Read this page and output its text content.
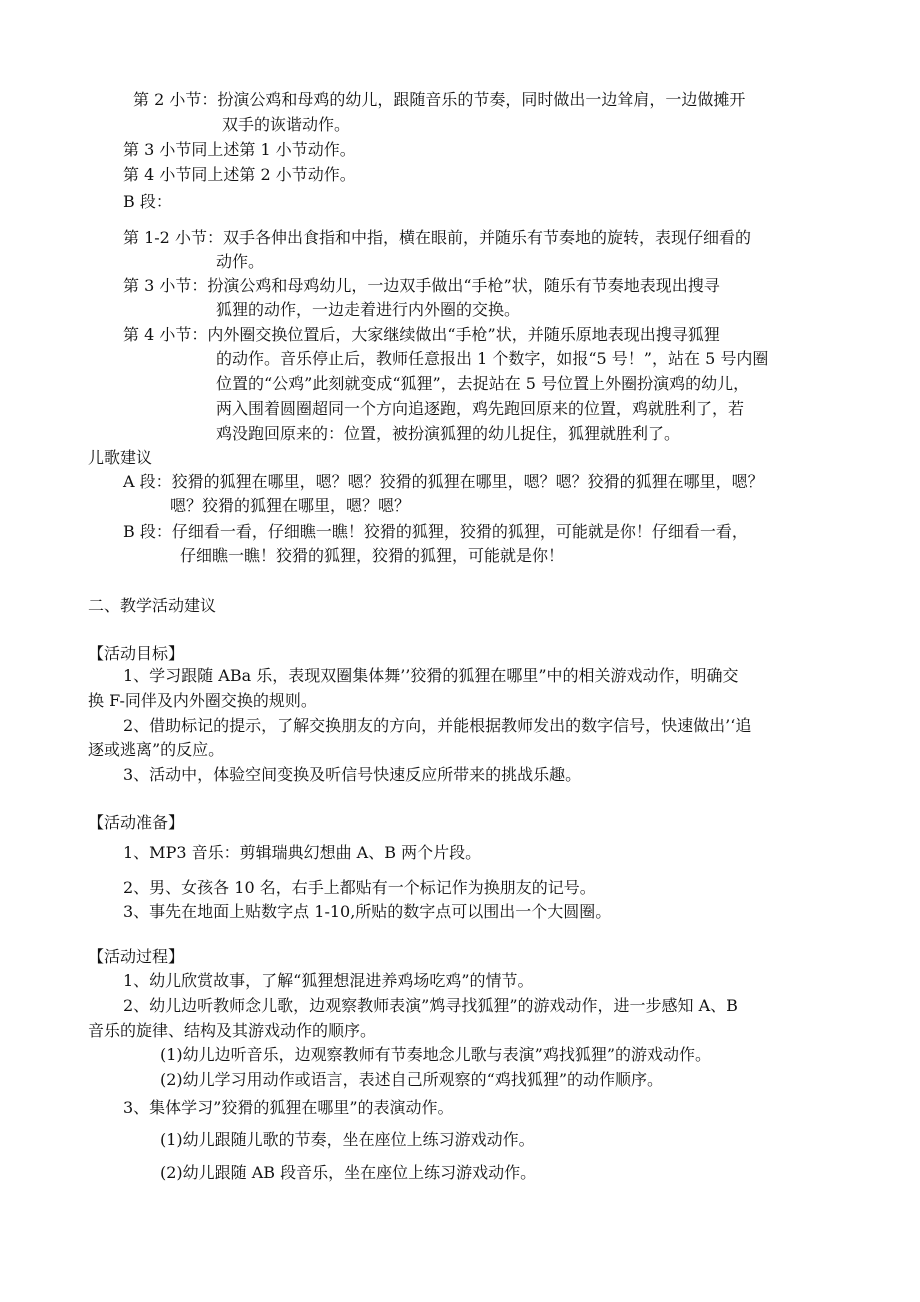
第 2 小节：扮演公鸡和母鸡的幼儿，跟随音乐的节奏，同时做出一边耸肩，一边做摊开
双手的诙谐动作。
第 3 小节同上述第 1 小节动作。
第 4 小节同上述第 2 小节动作。
B 段：
第 1-2 小节：双手各伸出食指和中指，横在眼前，并随乐有节奏地的旋转，表现仔细看的
动作。
第 3 小节：扮演公鸡和母鸡幼儿，一边双手做出“手枪”状，随乐有节奏地表现出搜寻
狐狸的动作，一边走着进行内外圈的交换。
第 4 小节：内外圈交换位置后，大家继续做出“手枪”状，并随乐原地表现出搜寻狐狸
的动作。音乐停止后，教师任意报出 1 个数字，如报“5 号！”，站在 5 号内圈
位置的“公鸡”此刻就变成“狐狸”，去捉站在 5 号位置上外圈扮演鸡的幼儿，
两入围着圆圈超同一个方向追逐跑，鸡先跑回原来的位置，鸡就胜利了，若
鸡没跑回原来的：位置，被扮演狐狸的幼儿捉住，狐狸就胜利了。
儿歌建议
A 段：狡猾的狐狸在哪里，嗯？嗯？狡猾的狐狸在哪里，嗯？嗯？狡猾的狐狸在哪里，嗯？
嗯？狡猾的狐狸在哪里，嗯？嗯？
B 段：仔细看一看，仔细瞧一瞧！狡猾的狐狸，狡猾的狐狸，可能就是你！仔细看一看，
仔细瞧一瞧！狡猾的狐狸，狡猾的狐狸，可能就是你！
二、教学活动建议
【活动目标】
1、学习跟随 ABa 乐，表现双圈集体舞’’狡猾的狐狸在哪里”中的相关游戏动作，明确交
换 F-同伴及内外圈交换的规则。
2、借助标记的提示，了解交换朋友的方向，并能根据教师发出的数字信号，快速做出’‘追
逐或逃离”的反应。
3、活动中，体验空间变换及听信号快速反应所带来的挑战乐趣。
【活动准备】
1、MP3 音乐：剪辑瑞典幻想曲 A、B 两个片段。
2、男、女孩各 10 名，右手上都贴有一个标记作为换朋友的记号。
3、事先在地面上贴数字点 1-10,所贴的数字点可以围出一个大圆圈。
【活动过程】
1、幼儿欣赏故事，了解“狐狸想混进养鸡场吃鸡”的情节。
2、幼儿边听教师念儿歌，边观察教师表演”鸩寻找狐狸”的游戏动作，进一步感知 A、B
音乐的旋律、结构及其游戏动作的顺序。
(1)幼儿边听音乐，边观察教师有节奏地念儿歌与表演”鸡找狐狸”的游戏动作。
(2)幼儿学习用动作或语言，表述自己所观察的“鸡找狐狸”的动作顺序。
3、集体学习”狡猾的狐狸在哪里”的表演动作。
(1)幼儿跟随儿歌的节奏，坐在座位上练习游戏动作。
(2)幼儿跟随 AB 段音乐，坐在座位上练习游戏动作。
